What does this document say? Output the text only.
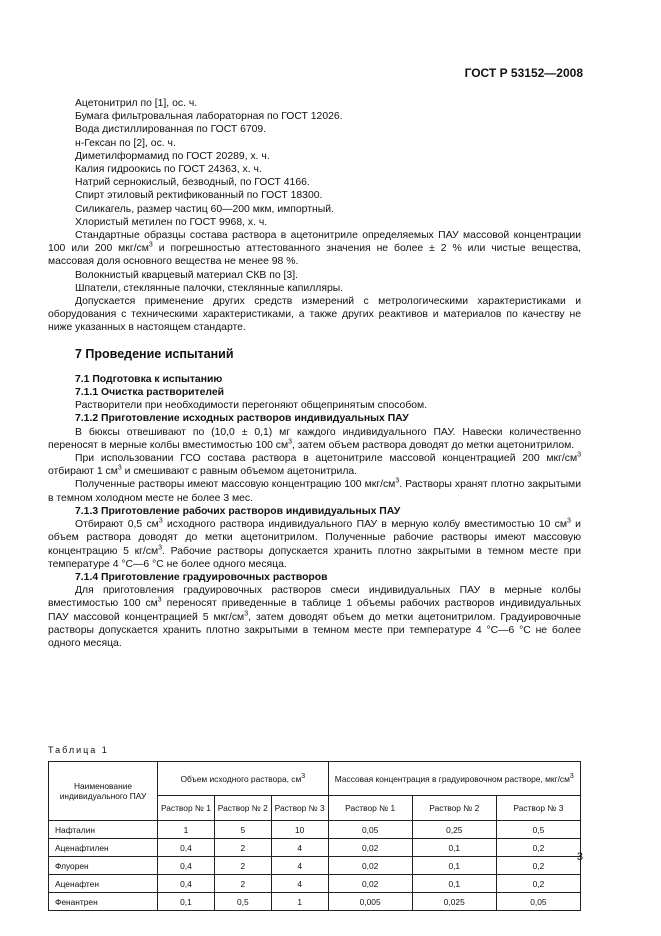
ГОСТ Р 53152—2008

Ацетонитрил по [1], ос. ч.

Бумага фильтровальная лабораторная по ГОСТ 12026.

Вода дистиллированная по ГОСТ 6709.

н-Гексан по [2], ос. ч.

Диметилформамид по ГОСТ 20289, х. ч.

Калия гидроокись по ГОСТ 24363, х. ч.

Натрий сернокислый, безводный, по ГОСТ 4166.

Спирт этиловый ректификованный по ГОСТ 18300.

Силикагель, размер частиц 60—200 мкм, импортный.

Хлористый метилен по ГОСТ 9968, х. ч.

Стандартные образцы состава раствора в ацетонитриле определяемых ПАУ массовой концентрации 100 или 200 мкг/$см^3$ и погрешностью аттестованного значения не более ± 2 % или чистые вещества, массовая доля основного вещества не менее 98 %.

Волокнистый кварцевый материал СКВ по [3].

Шпатели, стеклянные палочки, стеклянные капилляры.

Допускается применение других средств измерений с метрологическими характеристиками и оборудования с техническими характеристиками, а также других реактивов и материалов по качеству не ниже указанных в настоящем стандарте.

7 Проведение испытаний

7.1 Подготовка к испытанию

7.1.1 Очистка растворителей

Растворители при необходимости перегоняют общепринятым способом.

7.1.2 Приготовление исходных растворов индивидуальных ПАУ

В бюксы отвешивают по (10,0 ± 0,1) мг каждого индивидуального ПАУ. Навески количественно переносят в мерные колбы вместимостью 100 $см^3$, затем объем раствора доводят до метки ацетонитрилом.

При использовании ГСО состава раствора в ацетонитриле массовой концентрацией 200 мкг/$см^3$ отбирают 1 $см^3$ и смешивают с равным объемом ацетонитрила.

Полученные растворы имеют массовую концентрацию 100 мкг/$см^3$. Растворы хранят плотно закрытыми в темном холодном месте не более 3 мес.

7.1.3 Приготовление рабочих растворов индивидуальных ПАУ

Отбирают 0,5 $см^3$ исходного раствора индивидуального ПАУ в мерную колбу вместимостью 10 $см^3$ и объем раствора доводят до метки ацетонитрилом. Полученные рабочие растворы имеют массовую концентрацию 5 $кг/см^3$. Рабочие растворы допускается хранить плотно закрытыми в темном месте при температуре 4 °С—6 °С не более одного месяца.

7.1.4 Приготовление градуировочных растворов

Для приготовления градуировочных растворов смеси индивидуальных ПАУ в мерные колбы вместимостью 100 $см^3$ переносят приведенные в таблице 1 объемы рабочих растворов индивидуальных ПАУ массовой концентрацией 5 мкг/$см^3$, затем доводят объем до метки ацетонитрилом. Градуировочные растворы допускается хранить плотно закрытыми в темном месте при температуре 4 °С—6 °С не более одного месяца.

Таблица 1
Наименование индивидуального ПАУ	Объем исходного раствора, $см^3$			Массовая концентрация в градуировочном растворе, мкг/$см^3$
	Раствор № 1	Раствор № 2	Раствор № 3	Раствор № 1	Раствор № 2	Раствор № 3
Нафталин	1	5	10	0,05	0,25	0,5
Аценафтилен	0,4	2	4	0,02	0,1	0,2
Флуорен	0,4	2	4	0,02	0,1	0,2
Аценафтен	0,4	2	4	0,02	0,1	0,2
Фенантрен	0,1	0,5	1	0,005	0,025	0,05
3
